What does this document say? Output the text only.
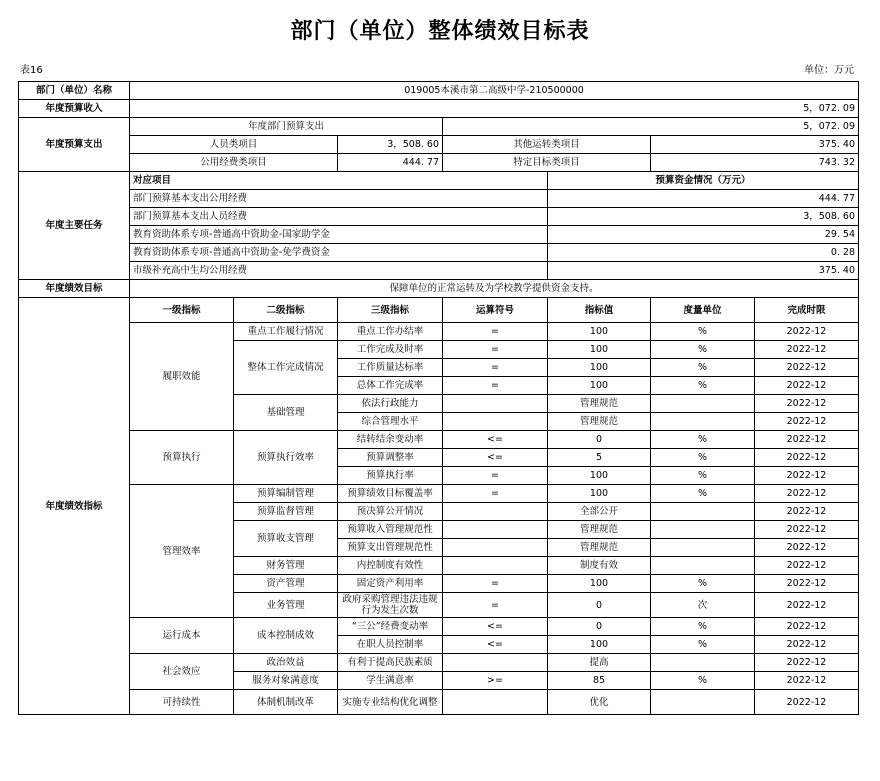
部门（单位）整体绩效目标表
表16	单位：万元
部门（单位）名称	019005本溪市第二高级中学-210500000						
年度预算收入	5，072. 09						
年度预算支出	年度部门预算支出			5，072. 09			
	人员类项目		3，508. 60	其他运转类项目		375. 40	
	公用经费类项目		444. 77	特定目标类项目		743. 32	
年度主要任务	对应项目				预算资金情况（万元）		
	部门预算基本支出公用经费				444. 77		
	部门预算基本支出人员经费				3，508. 60		
	教育资助体系专项-普通高中资助金-国家助学金				29. 54		
	教育资助体系专项-普通高中资助金-免学费资金				0. 28		
	市级补充高中生均公用经费				375. 40		
年度绩效目标	保障单位的正常运转及为学校教学提供资金支持。						
年度绩效指标	一级指标	二级指标	三级指标	运算符号	指标值	度量单位	完成时限
	履职效能	重点工作履行情况	重点工作办结率	=	100	%	2022-12
		整体工作完成情况	工作完成及时率	=	100	%	2022-12
			工作质量达标率	=	100	%	2022-12
			总体工作完成率	=	100	%	2022-12
		基础管理	依法行政能力		管理规范		2022-12
			综合管理水平		管理规范		2022-12
	预算执行	预算执行效率	结转结余变动率	<=	0	%	2022-12
			预算调整率	<=	5	%	2022-12
			预算执行率	=	100	%	2022-12
	管理效率	预算编制管理	预算绩效目标覆盖率	=	100	%	2022-12
		预算监督管理	预决算公开情况		全部公开		2022-12
		预算收支管理	预算收入管理规范性		管理规范		2022-12
			预算支出管理规范性		管理规范		2022-12
		财务管理	内控制度有效性		制度有效		2022-12
		资产管理	固定资产利用率	=	100	%	2022-12
		业务管理	政府采购管理违法违规行为发生次数	=	0	次	2022-12
	运行成本	成本控制成效	“三公”经费变动率	<=	0	%	2022-12
			在职人员控制率	<=	100	%	2022-12
	社会效应	政治效益	有利于提高民族素质		提高		2022-12
		服务对象满意度	学生满意率	>=	85	%	2022-12
	可持续性	体制机制改革	实施专业结构优化调整		优化		2022-12
